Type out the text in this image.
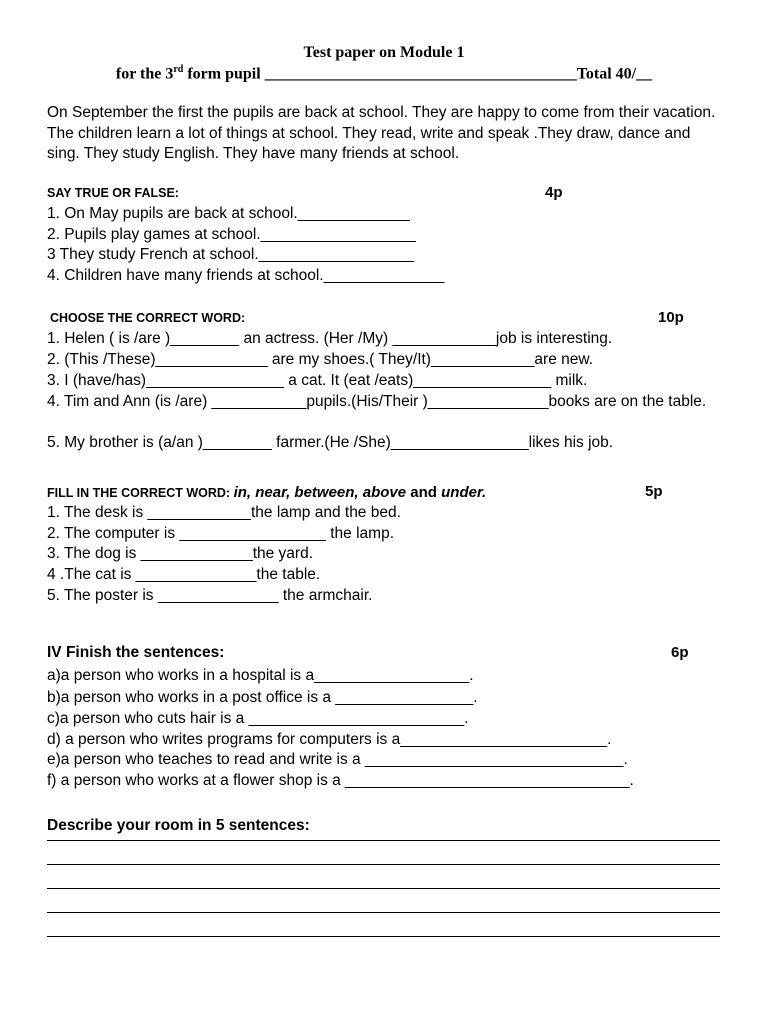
Test paper on Module 1
for the 3rd form pupil _______________________________________Total 40/__
On September the first the pupils are back at school. They are happy to come from their vacation. The children learn a lot of things at school. They read, write and speak .They draw, dance and sing. They study English. They have many friends at school.
SAY TRUE OR FALSE:	4p
1. On May pupils are back at school._____________
2. Pupils play games at school.__________________
3 They study French at school.__________________
4. Children have many friends at school.______________
CHOOSE THE CORRECT WORD:	10p
1. Helen ( is /are )________ an actress. (Her /My) ____________job is interesting.
2. (This /These)_____________ are my shoes.( They/It)____________are new.
3. I (have/has)________________ a cat. It (eat /eats)________________ milk.
4. Tim and Ann (is /are) ___________pupils.(His/Their )______________books are on the table.
5. My brother is (a/an )________ farmer.(He /She)________________likes his job.
FILL IN THE CORRECT WORD: in, near, between, above and under.	5p
1. The desk is ____________the lamp and the bed.
2. The computer is _________________ the lamp.
3. The dog is _____________the yard.
4 .The cat is ______________the table.
5. The poster is ______________ the armchair.
IV Finish the sentences:	6p
a)a person who works in a hospital is a__________________.
b)a person who works in a post office is a ________________.
c)a person who cuts hair is a _________________________.
d) a person who writes programs for computers is a________________________.
e)a person who teaches to read and write is a ______________________________.
f) a person who works at a flower shop is a _________________________________.
Describe your room in 5 sentences:
